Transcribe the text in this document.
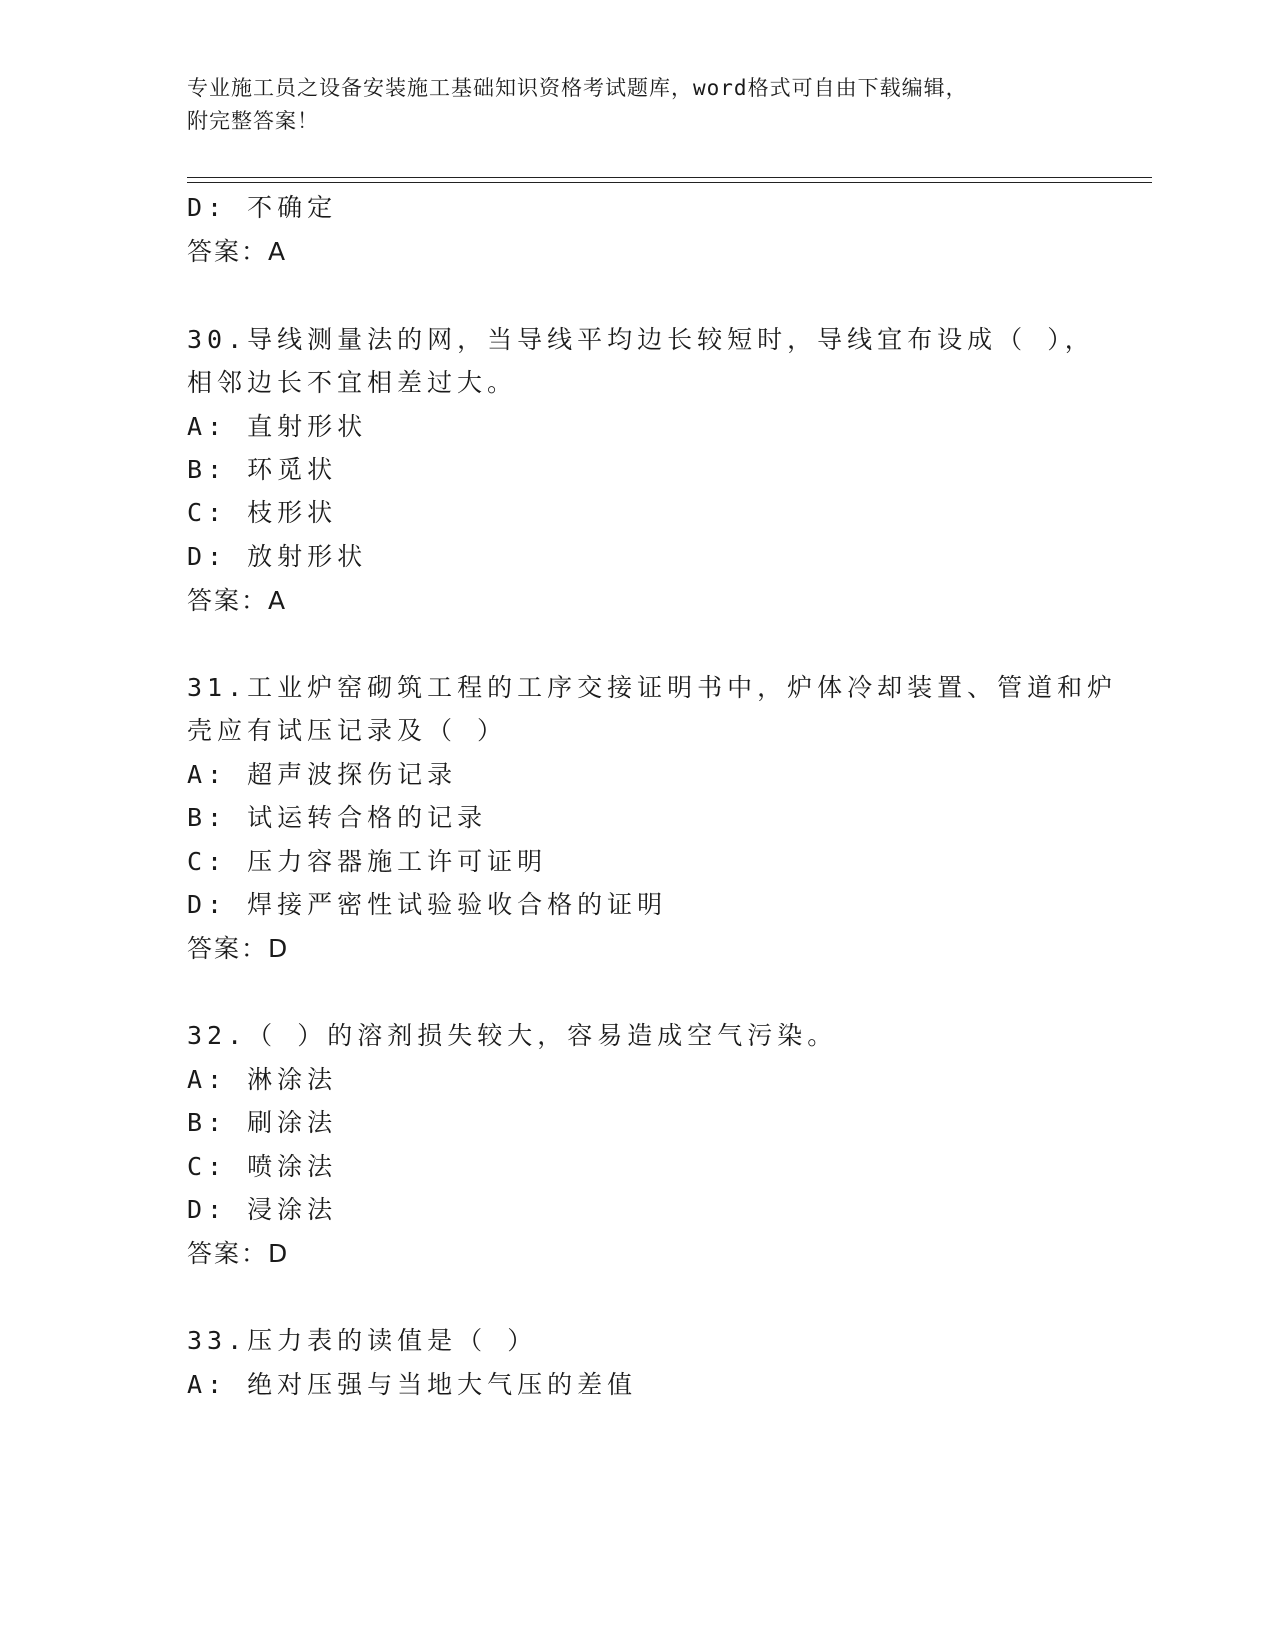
专业施工员之设备安装施工基础知识资格考试题库，word格式可自由下载编辑，
附完整答案！
D: 不确定
答案：A
30.导线测量法的网，当导线平均边长较短时，导线宜布设成（ ），
相邻边长不宜相差过大。
A: 直射形状
B: 环觅状
C: 枝形状
D: 放射形状
答案：A
31.工业炉窑砌筑工程的工序交接证明书中，炉体冷却装置、管道和炉
壳应有试压记录及（ ）
A: 超声波探伤记录
B: 试运转合格的记录
C: 压力容器施工许可证明
D: 焊接严密性试验验收合格的证明
答案：D
32.（ ）的溶剂损失较大，容易造成空气污染。
A: 淋涂法
B: 刷涂法
C: 喷涂法
D: 浸涂法
答案：D
33.压力表的读值是（ ）
A: 绝对压强与当地大气压的差值
